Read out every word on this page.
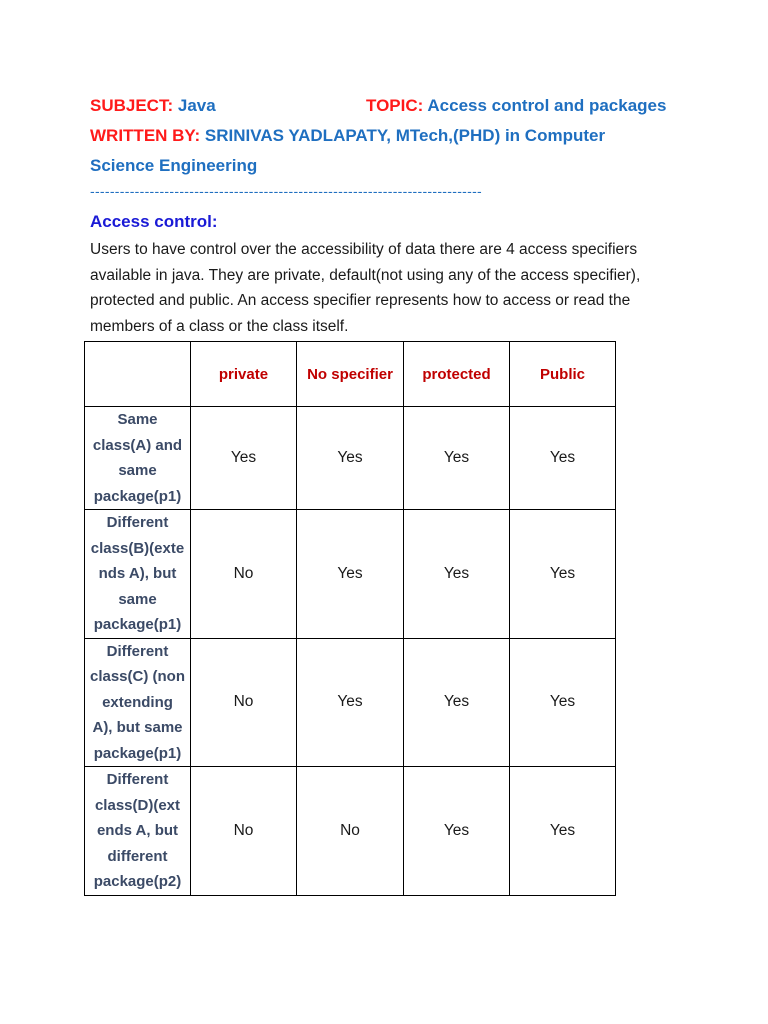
SUBJECT: Java	TOPIC: Access control and packages
WRITTEN BY: SRINIVAS YADLAPATY, MTech,(PHD) in Computer
Science Engineering
-------------------------------------------------------------------------------
Access control:
Users to have control over the accessibility of data there are 4 access specifiers available in java. They are private, default(not using any of the access specifier), protected and public. An access specifier represents how to access or read the members of a class or the class itself.
	private	No specifier	protected	Public

Same
class(A) and
same
package(p1)	Yes	Yes	Yes	Yes

Different
class(B)(exte
nds A), but
same
package(p1)	No	Yes	Yes	Yes

Different
class(C) (non
extending
A), but same
package(p1)	No	Yes	Yes	Yes

Different
class(D)(ext
ends A, but
different
package(p2)	No	No	Yes	Yes
